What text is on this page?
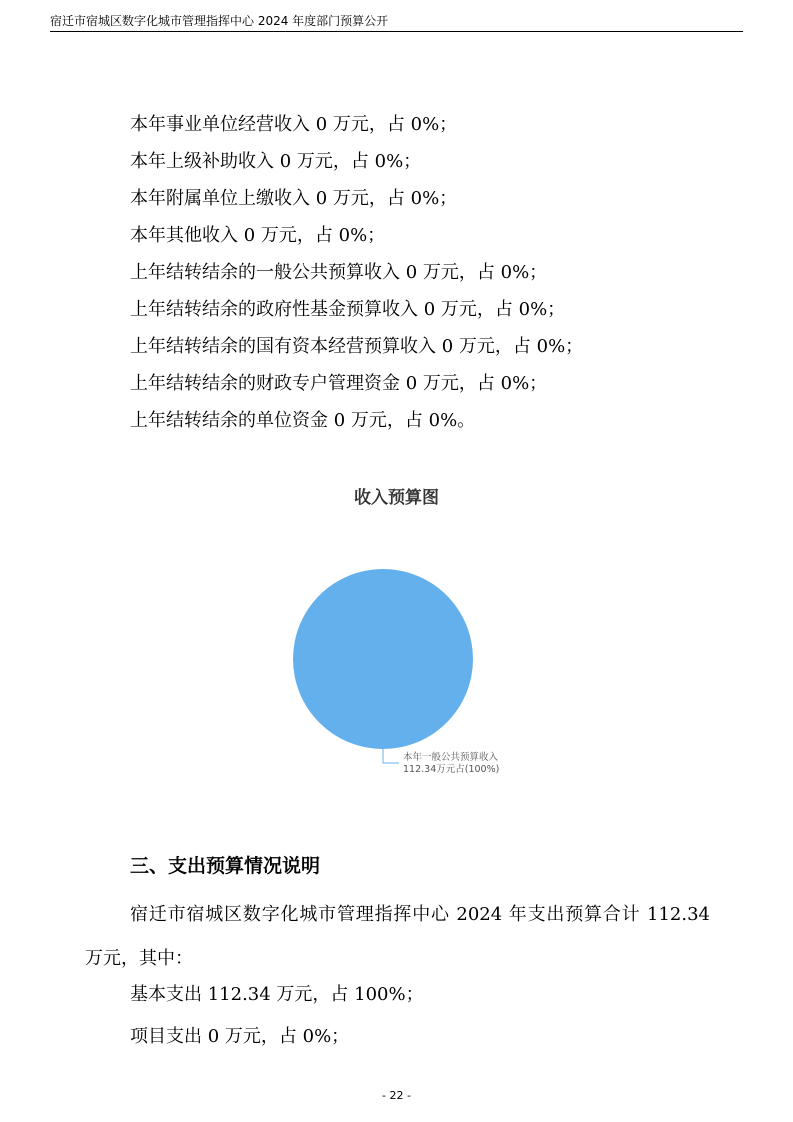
宿迁市宿城区数字化城市管理指挥中心 2024 年度部门预算公开
本年事业单位经营收入 0 万元，占 0%；
本年上级补助收入 0 万元，占 0%；
本年附属单位上缴收入 0 万元，占 0%；
本年其他收入 0 万元，占 0%；
上年结转结余的一般公共预算收入 0 万元，占 0%；
上年结转结余的政府性基金预算收入 0 万元，占 0%；
上年结转结余的国有资本经营预算收入 0 万元，占 0%；
上年结转结余的财政专户管理资金 0 万元，占 0%；
上年结转结余的单位资金 0 万元，占 0%。
收入预算图
本年一般公共预算收入
112.34万元占(100%)
三、支出预算情况说明
宿迁市宿城区数字化城市管理指挥中心 2024 年支出预算合计 112.34 万元，其中：
基本支出 112.34 万元，占 100%；
项目支出 0 万元，占 0%；
- 22 -
